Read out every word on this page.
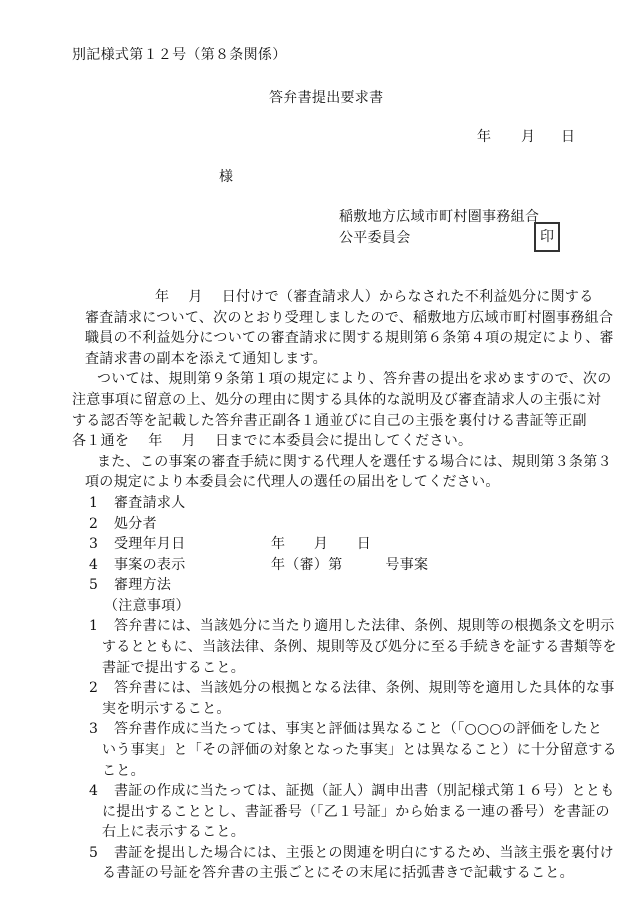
別記様式第１２号（第８条関係）
答弁書提出要求書
年 月 日
様
稲敷地方広域市町村圏事務組合
公平委員会	印
年　 月　 日付けで（審査請求人）からなされた不利益処分に関する
審査請求について、次のとおり受理しましたので、稲敷地方広域市町村圏事務組合
職員の不利益処分についての審査請求に関する規則第６条第４項の規定により、審
査請求書の副本を添えて通知します。
ついては、規則第９条第１項の規定により、答弁書の提出を求めますので、次の
注意事項に留意の上、処分の理由に関する具体的な説明及び審査請求人の主張に対
する認否等を記載した答弁書正副各１通並びに自己の主張を裏付ける書証等正副
各１通を　 年　 月　 日までに本委員会に提出してください。
また、この事案の審査手続に関する代理人を選任する場合には、規則第３条第３
項の規定により本委員会に代理人の選任の届出をしてください。
1 審査請求人
2 処分者
3 受理年月日	年　　月　　日
4 事案の表示	年（審）第　　　号事案
5 審理方法
（注意事項）
1 答弁書には、当該処分に当たり適用した法律、条例、規則等の根拠条文を明示
するとともに、当該法律、条例、規則等及び処分に至る手続きを証する書類等を
書証で提出すること。
2 答弁書には、当該処分の根拠となる法律、条例、規則等を適用した具体的な事
実を明示すること。
3 答弁書作成に当たっては、事実と評価は異なること（「○○○の評価をしたと
いう事実」と「その評価の対象となった事実」とは異なること）に十分留意する
こと。
4 書証の作成に当たっては、証拠（証人）調申出書（別記様式第１６号）ととも
に提出することとし、書証番号（「乙１号証」から始まる一連の番号）を書証の
右上に表示すること。
5 書証を提出した場合には、主張との関連を明白にするため、当該主張を裏付け
る書証の号証を答弁書の主張ごとにその末尾に括弧書きで記載すること。
